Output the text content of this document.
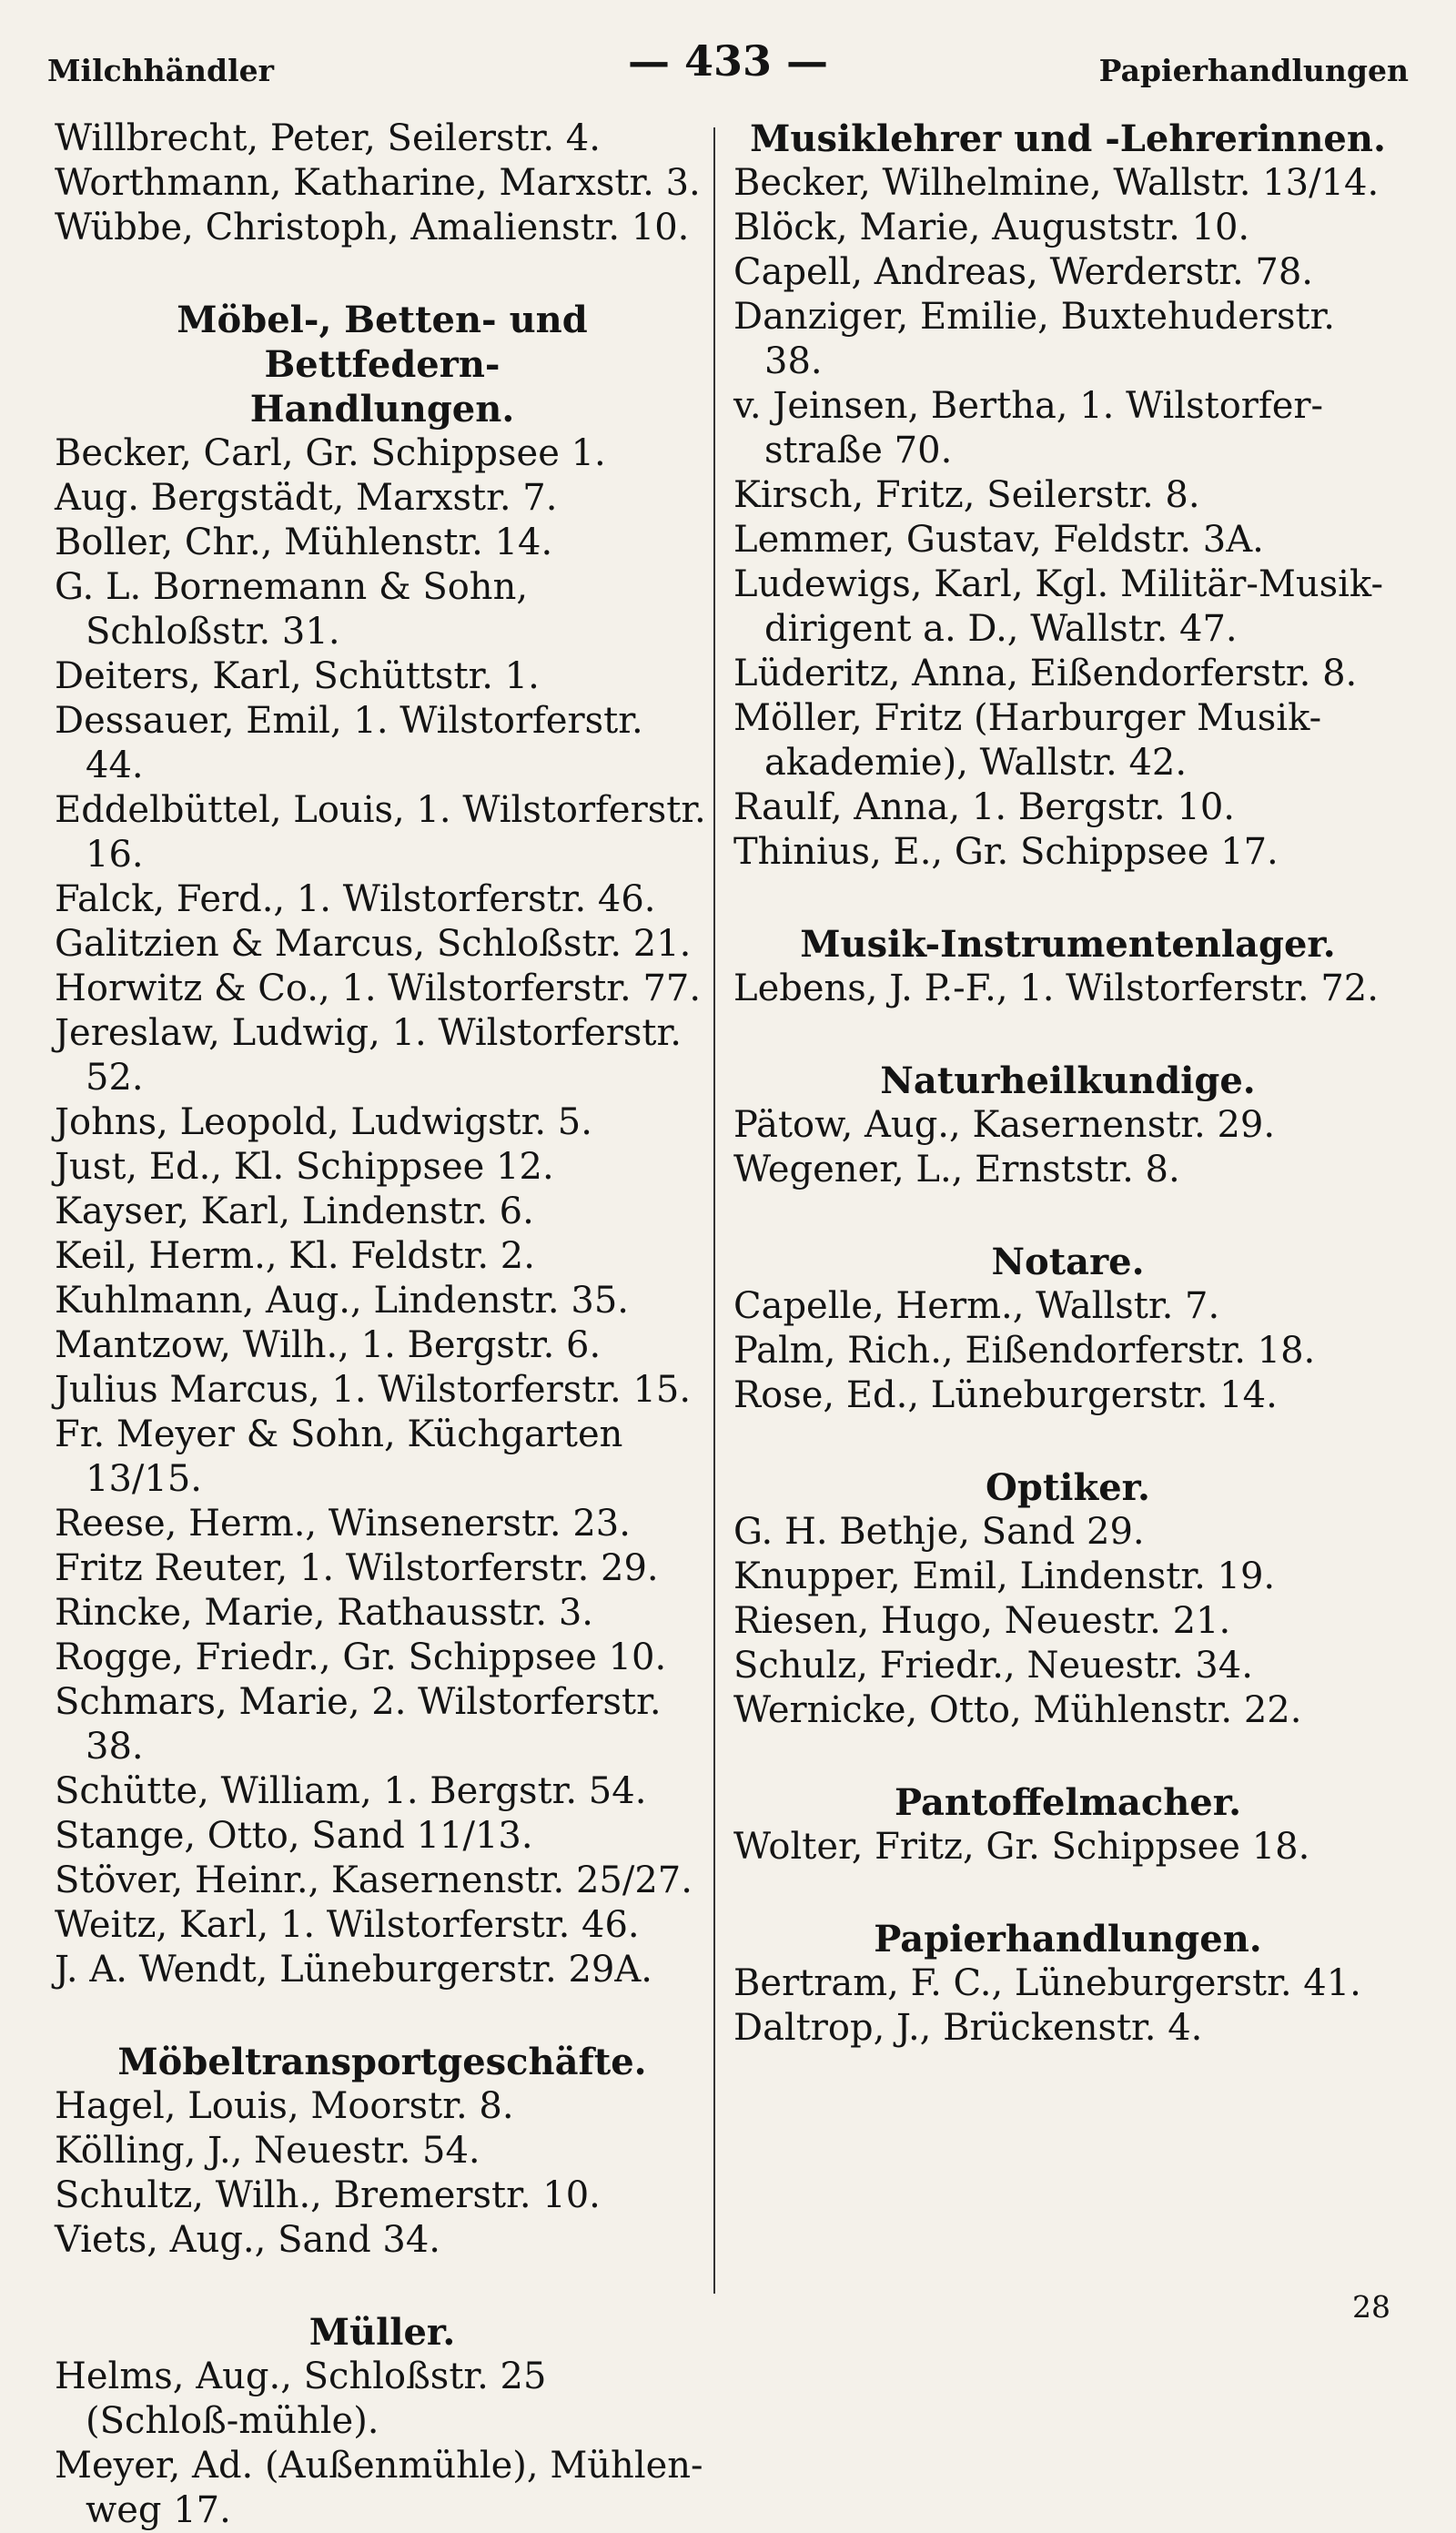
Milchhändler	— 433 —	Papierhandlungen
Willbrecht, Peter, Seilerstr. 4.
Worthmann, Katharine, Marxstr. 3.
Wübbe, Christoph, Amalienstr. 10.
Möbel-, Betten- und Bettfedern-
Handlungen.
Becker, Carl, Gr. Schippsee 1.
Aug. Bergstädt, Marxstr. 7.
Boller, Chr., Mühlenstr. 14.
G. L. Bornemann & Sohn, Schloßstr. 31.
Deiters, Karl, Schüttstr. 1.
Dessauer, Emil, 1. Wilstorferstr. 44.
Eddelbüttel, Louis, 1. Wilstorferstr. 16.
Falck, Ferd., 1. Wilstorferstr. 46.
Galitzien & Marcus, Schloßstr. 21.
Horwitz & Co., 1. Wilstorferstr. 77.
Jereslaw, Ludwig, 1. Wilstorferstr. 52.
Johns, Leopold, Ludwigstr. 5.
Just, Ed., Kl. Schippsee 12.
Kayser, Karl, Lindenstr. 6.
Keil, Herm., Kl. Feldstr. 2.
Kuhlmann, Aug., Lindenstr. 35.
Mantzow, Wilh., 1. Bergstr. 6.
Julius Marcus, 1. Wilstorferstr. 15.
Fr. Meyer & Sohn, Küchgarten 13/15.
Reese, Herm., Winsenerstr. 23.
Fritz Reuter, 1. Wilstorferstr. 29.
Rincke, Marie, Rathausstr. 3.
Rogge, Friedr., Gr. Schippsee 10.
Schmars, Marie, 2. Wilstorferstr. 38.
Schütte, William, 1. Bergstr. 54.
Stange, Otto, Sand 11/13.
Stöver, Heinr., Kasernenstr. 25/27.
Weitz, Karl, 1. Wilstorferstr. 46.
J. A. Wendt, Lüneburgerstr. 29A.
Möbeltransportgeschäfte.
Hagel, Louis, Moorstr. 8.
Kölling, J., Neuestr. 54.
Schultz, Wilh., Bremerstr. 10.
Viets, Aug., Sand 34.
Müller.
Helms, Aug., Schloßstr. 25 (Schloß-mühle).
Meyer, Ad. (Außenmühle), Mühlen-weg 17.
Musiklehrer und -Lehrerinnen.
Becker, Wilhelmine, Wallstr. 13/14.
Blöck, Marie, Auguststr. 10.
Capell, Andreas, Werderstr. 78.
Danziger, Emilie, Buxtehuderstr. 38.
v. Jeinsen, Bertha, 1. Wilstorfer-straße 70.
Kirsch, Fritz, Seilerstr. 8.
Lemmer, Gustav, Feldstr. 3A.
Ludewigs, Karl, Kgl. Militär-Musik-dirigent a. D., Wallstr. 47.
Lüderitz, Anna, Eißendorferstr. 8.
Möller, Fritz (Harburger Musik-akademie), Wallstr. 42.
Raulf, Anna, 1. Bergstr. 10.
Thinius, E., Gr. Schippsee 17.
Musik-Instrumentenlager.
Lebens, J. P.-F., 1. Wilstorferstr. 72.
Naturheilkundige.
Pätow, Aug., Kasernenstr. 29.
Wegener, L., Ernststr. 8.
Notare.
Capelle, Herm., Wallstr. 7.
Palm, Rich., Eißendorferstr. 18.
Rose, Ed., Lüneburgerstr. 14.
Optiker.
G. H. Bethje, Sand 29.
Knupper, Emil, Lindenstr. 19.
Riesen, Hugo, Neuestr. 21.
Schulz, Friedr., Neuestr. 34.
Wernicke, Otto, Mühlenstr. 22.
Pantoffelmacher.
Wolter, Fritz, Gr. Schippsee 18.
Papierhandlungen.
Bertram, F. C., Lüneburgerstr. 41.
Daltrop, J., Brückenstr. 4.
28
